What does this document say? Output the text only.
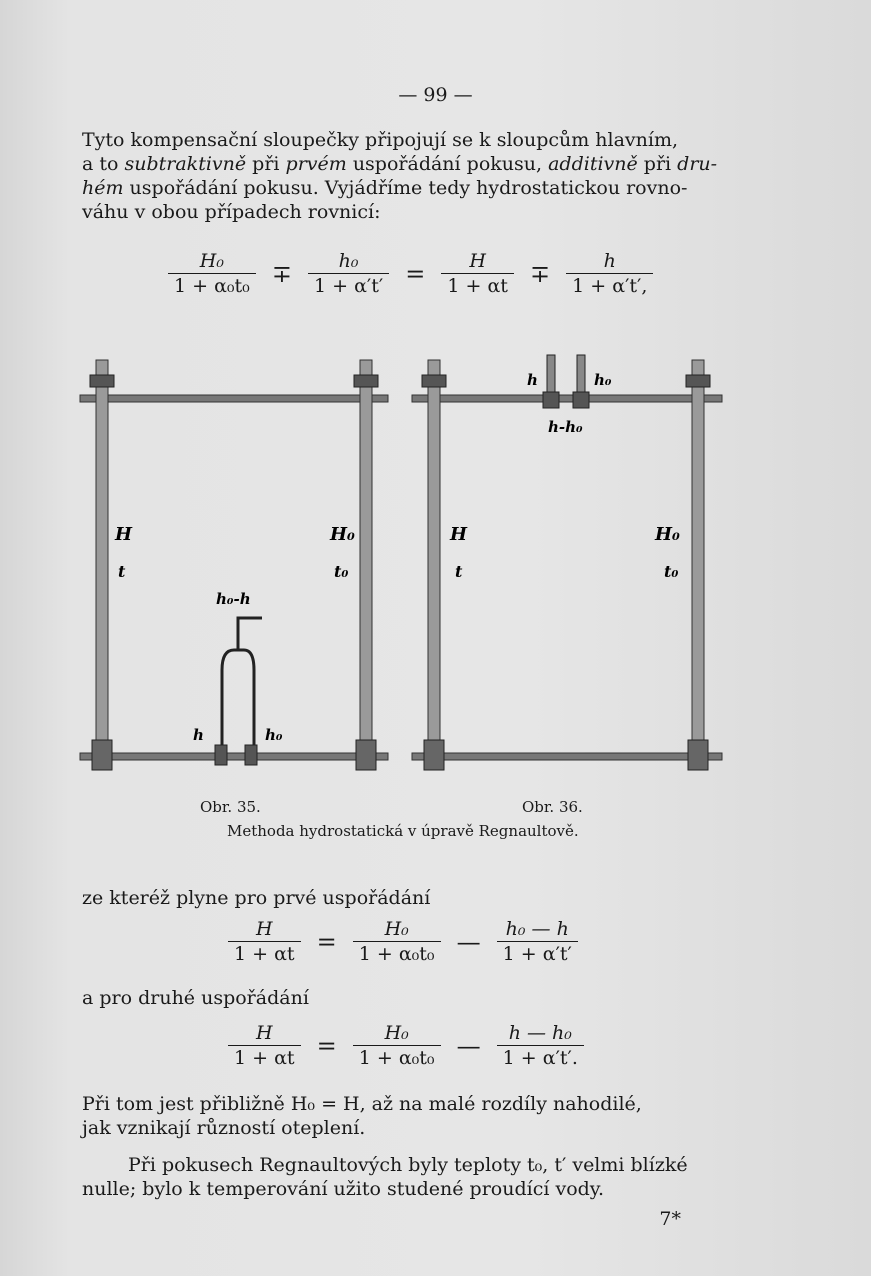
— 99 —
Tyto kompensační sloupečky připojují se k sloupcům hlavním,
a to subtraktivně při prvém uspořádání pokusu, additivně při dru-
hém uspořádání pokusu. Vyjádříme tedy hydrostatickou rovno-
váhu v obou případech rovnicí:
$\frac{\text{H₀}}{\text{1 + α₀t₀}} \mp \frac{\text{h₀}}{1 + \alpha't'} = \frac{H}{1 + \alpha t} \mp \frac{h}{1 + \alpha't',}$
H
t
H₀
t₀
h₀-h
h	h₀
h	h₀
h-h₀
H
t
H₀
t₀
Obr. 35.	Obr. 36.
Methoda hydrostatická v úpravě Regnaultově.
ze kteréž plyne pro prvé uspořádání
$\frac{H}{1 + \alpha t} = \frac{\text{H₀}}{\text{1 + α₀t₀}}$ — $\frac{\text{h₀ — h}}{1 + \alpha't'}$
a pro druhé uspořádání
$\frac{H}{1 + \alpha t} = \frac{\text{H₀}}{\text{1 + α₀t₀}}$ — $\frac{\text{h — h₀}}{1 + \alpha't'.}$
Při tom jest přibližně H₀ = H, až na malé rozdíly nahodilé,
jak vznikají růzností oteplení.
Při pokusech Regnaultových byly teploty t₀, t′ velmi blízké
nulle; bylo k temperování užito studené proudící vody.
7*
